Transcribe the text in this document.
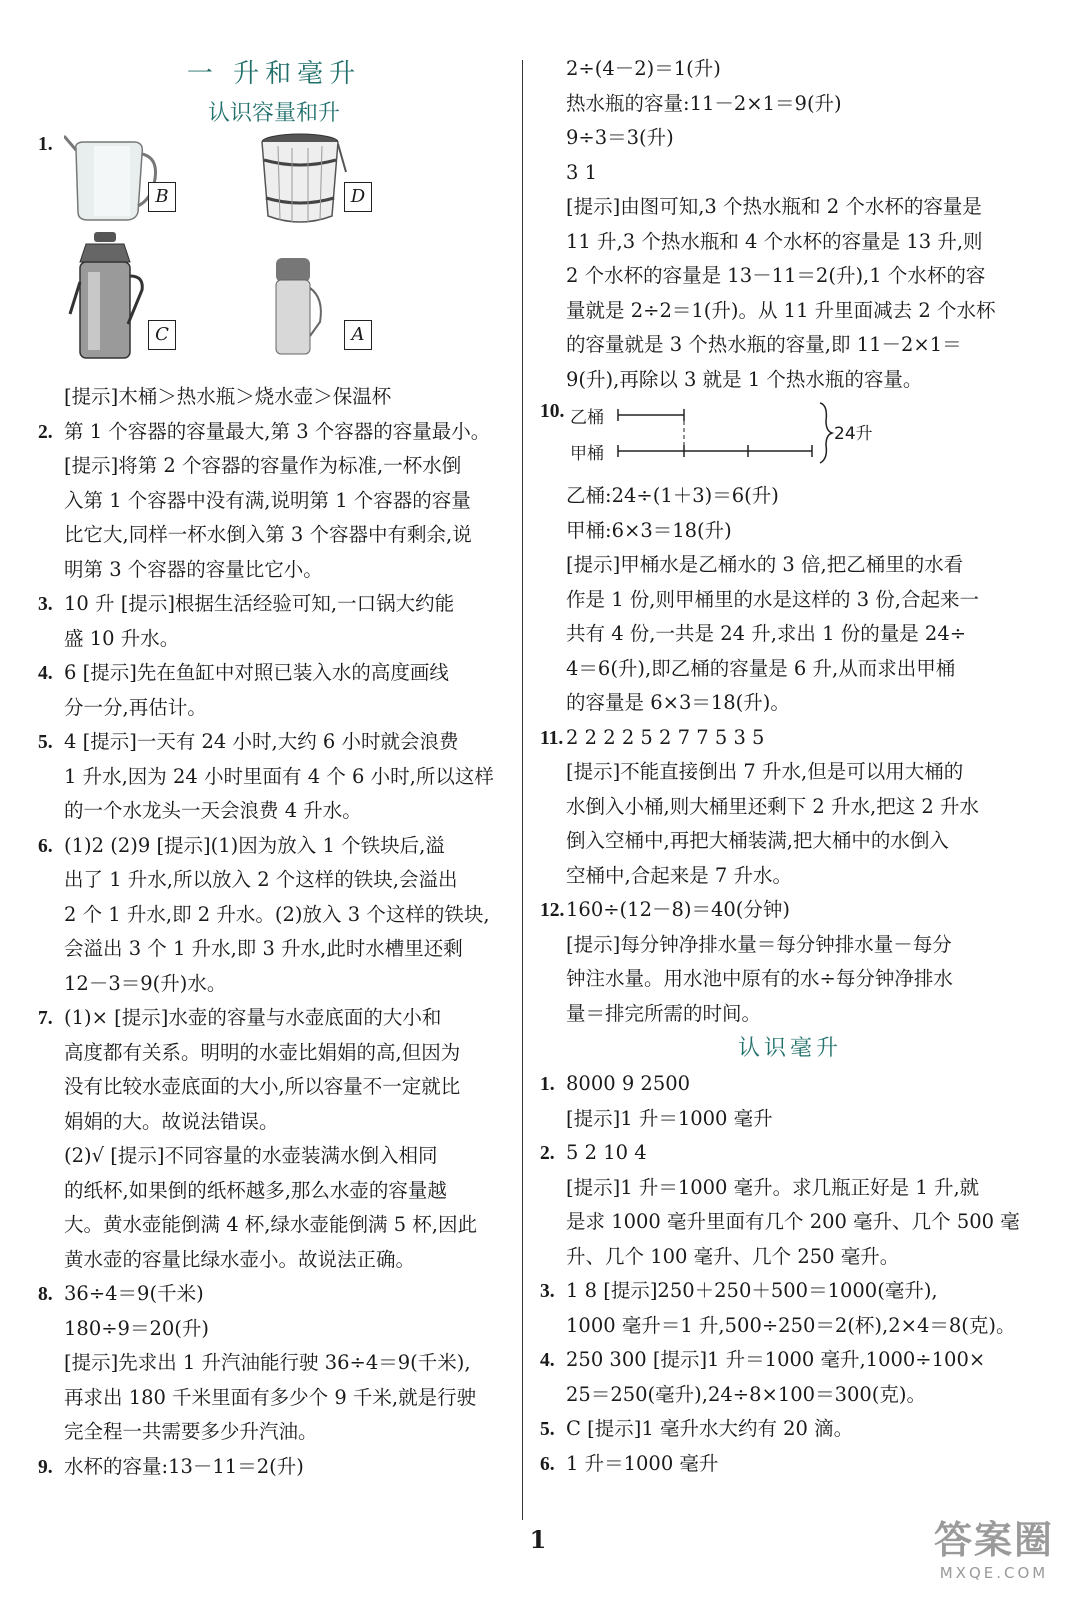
一 升和毫升
认识容量和升
1.
B	D
C	A
[提示]木桶＞热水瓶＞烧水壶＞保温杯
2. 第 1 个容器的容量最大,第 3 个容器的容量最小。
[提示]将第 2 个容器的容量作为标准,一杯水倒
入第 1 个容器中没有满,说明第 1 个容器的容量
比它大,同样一杯水倒入第 3 个容器中有剩余,说
明第 3 个容器的容量比它小。
3. 10 升 [提示]根据生活经验可知,一口锅大约能
盛 10 升水。
4. 6 [提示]先在鱼缸中对照已装入水的高度画线
分一分,再估计。
5. 4 [提示]一天有 24 小时,大约 6 小时就会浪费
1 升水,因为 24 小时里面有 4 个 6 小时,所以这样
的一个水龙头一天会浪费 4 升水。
6. (1)2 (2)9 [提示](1)因为放入 1 个铁块后,溢
出了 1 升水,所以放入 2 个这样的铁块,会溢出
2 个 1 升水,即 2 升水。(2)放入 3 个这样的铁块,
会溢出 3 个 1 升水,即 3 升水,此时水槽里还剩
12－3＝9(升)水。
7. (1)× [提示]水壶的容量与水壶底面的大小和
高度都有关系。明明的水壶比娟娟的高,但因为
没有比较水壶底面的大小,所以容量不一定就比
娟娟的大。故说法错误。
(2)√ [提示]不同容量的水壶装满水倒入相同
的纸杯,如果倒的纸杯越多,那么水壶的容量越
大。黄水壶能倒满 4 杯,绿水壶能倒满 5 杯,因此
黄水壶的容量比绿水壶小。故说法正确。
8. 36÷4＝9(千米)
180÷9＝20(升)
[提示]先求出 1 升汽油能行驶 36÷4＝9(千米),
再求出 180 千米里面有多少个 9 千米,就是行驶
完全程一共需要多少升汽油。
9. 水杯的容量:13－11＝2(升)
2÷(4－2)＝1(升)
热水瓶的容量:11－2×1＝9(升)
9÷3＝3(升)
3 1
[提示]由图可知,3 个热水瓶和 2 个水杯的容量是
11 升,3 个热水瓶和 4 个水杯的容量是 13 升,则
2 个水杯的容量是 13－11＝2(升),1 个水杯的容
量就是 2÷2＝1(升)。从 11 升里面减去 2 个水杯
的容量就是 3 个热水瓶的容量,即 11－2×1＝
9(升),再除以 3 就是 1 个热水瓶的容量。
10. 乙桶
甲桶
24升
乙桶:24÷(1＋3)＝6(升)
甲桶:6×3＝18(升)
[提示]甲桶水是乙桶水的 3 倍,把乙桶里的水看
作是 1 份,则甲桶里的水是这样的 3 份,合起来一
共有 4 份,一共是 24 升,求出 1 份的量是 24÷
4＝6(升),即乙桶的容量是 6 升,从而求出甲桶
的容量是 6×3＝18(升)。
11. 2 2 2 2 5 2 7 7 5 3 5
[提示]不能直接倒出 7 升水,但是可以用大桶的
水倒入小桶,则大桶里还剩下 2 升水,把这 2 升水
倒入空桶中,再把大桶装满,把大桶中的水倒入
空桶中,合起来是 7 升水。
12.160÷(12－8)＝40(分钟)
[提示]每分钟净排水量＝每分钟排水量－每分
钟注水量。用水池中原有的水÷每分钟净排水
量＝排完所需的时间。
认识毫升
1. 8000 9 2500
[提示]1 升＝1000 毫升
2. 5 2 10 4
[提示]1 升＝1000 毫升。求几瓶正好是 1 升,就
是求 1000 毫升里面有几个 200 毫升、几个 500 毫
升、几个 100 毫升、几个 250 毫升。
3. 1 8 [提示]250＋250＋500＝1000(毫升),
1000 毫升＝1 升,500÷250＝2(杯),2×4＝8(克)。
4. 250 300 [提示]1 升＝1000 毫升,1000÷100×
25＝250(毫升),24÷8×100＝300(克)。
5. C [提示]1 毫升水大约有 20 滴。
6. 1 升＝1000 毫升
1	答案圈
MXQE.COM
